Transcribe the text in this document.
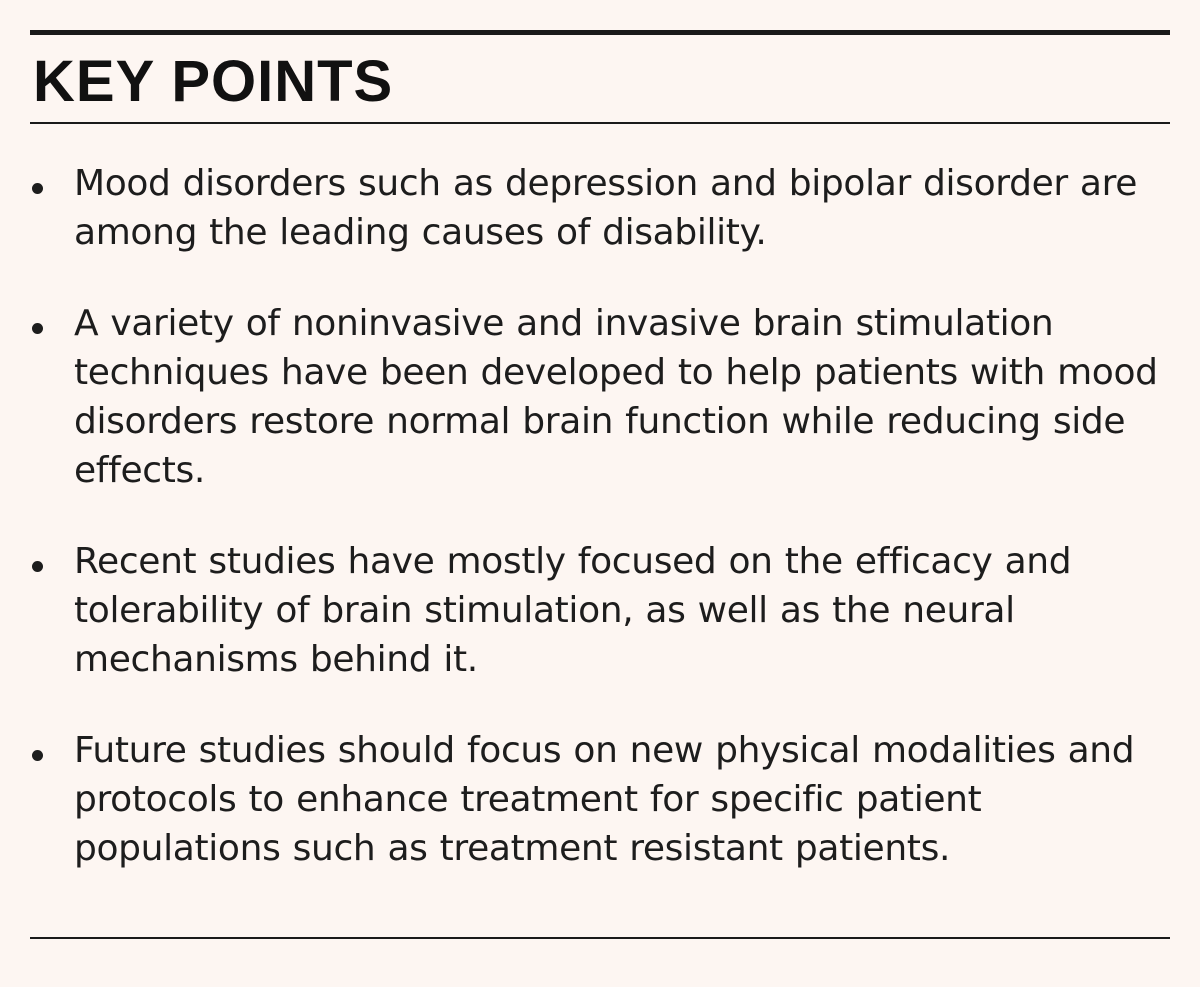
KEY POINTS
Mood disorders such as depression and bipolar disorder are among the leading causes of disability.
A variety of noninvasive and invasive brain stimulation techniques have been developed to help patients with mood disorders restore normal brain function while reducing side effects.
Recent studies have mostly focused on the efficacy and tolerability of brain stimulation, as well as the neural mechanisms behind it.
Future studies should focus on new physical modalities and protocols to enhance treatment for specific patient populations such as treatment resistant patients.
